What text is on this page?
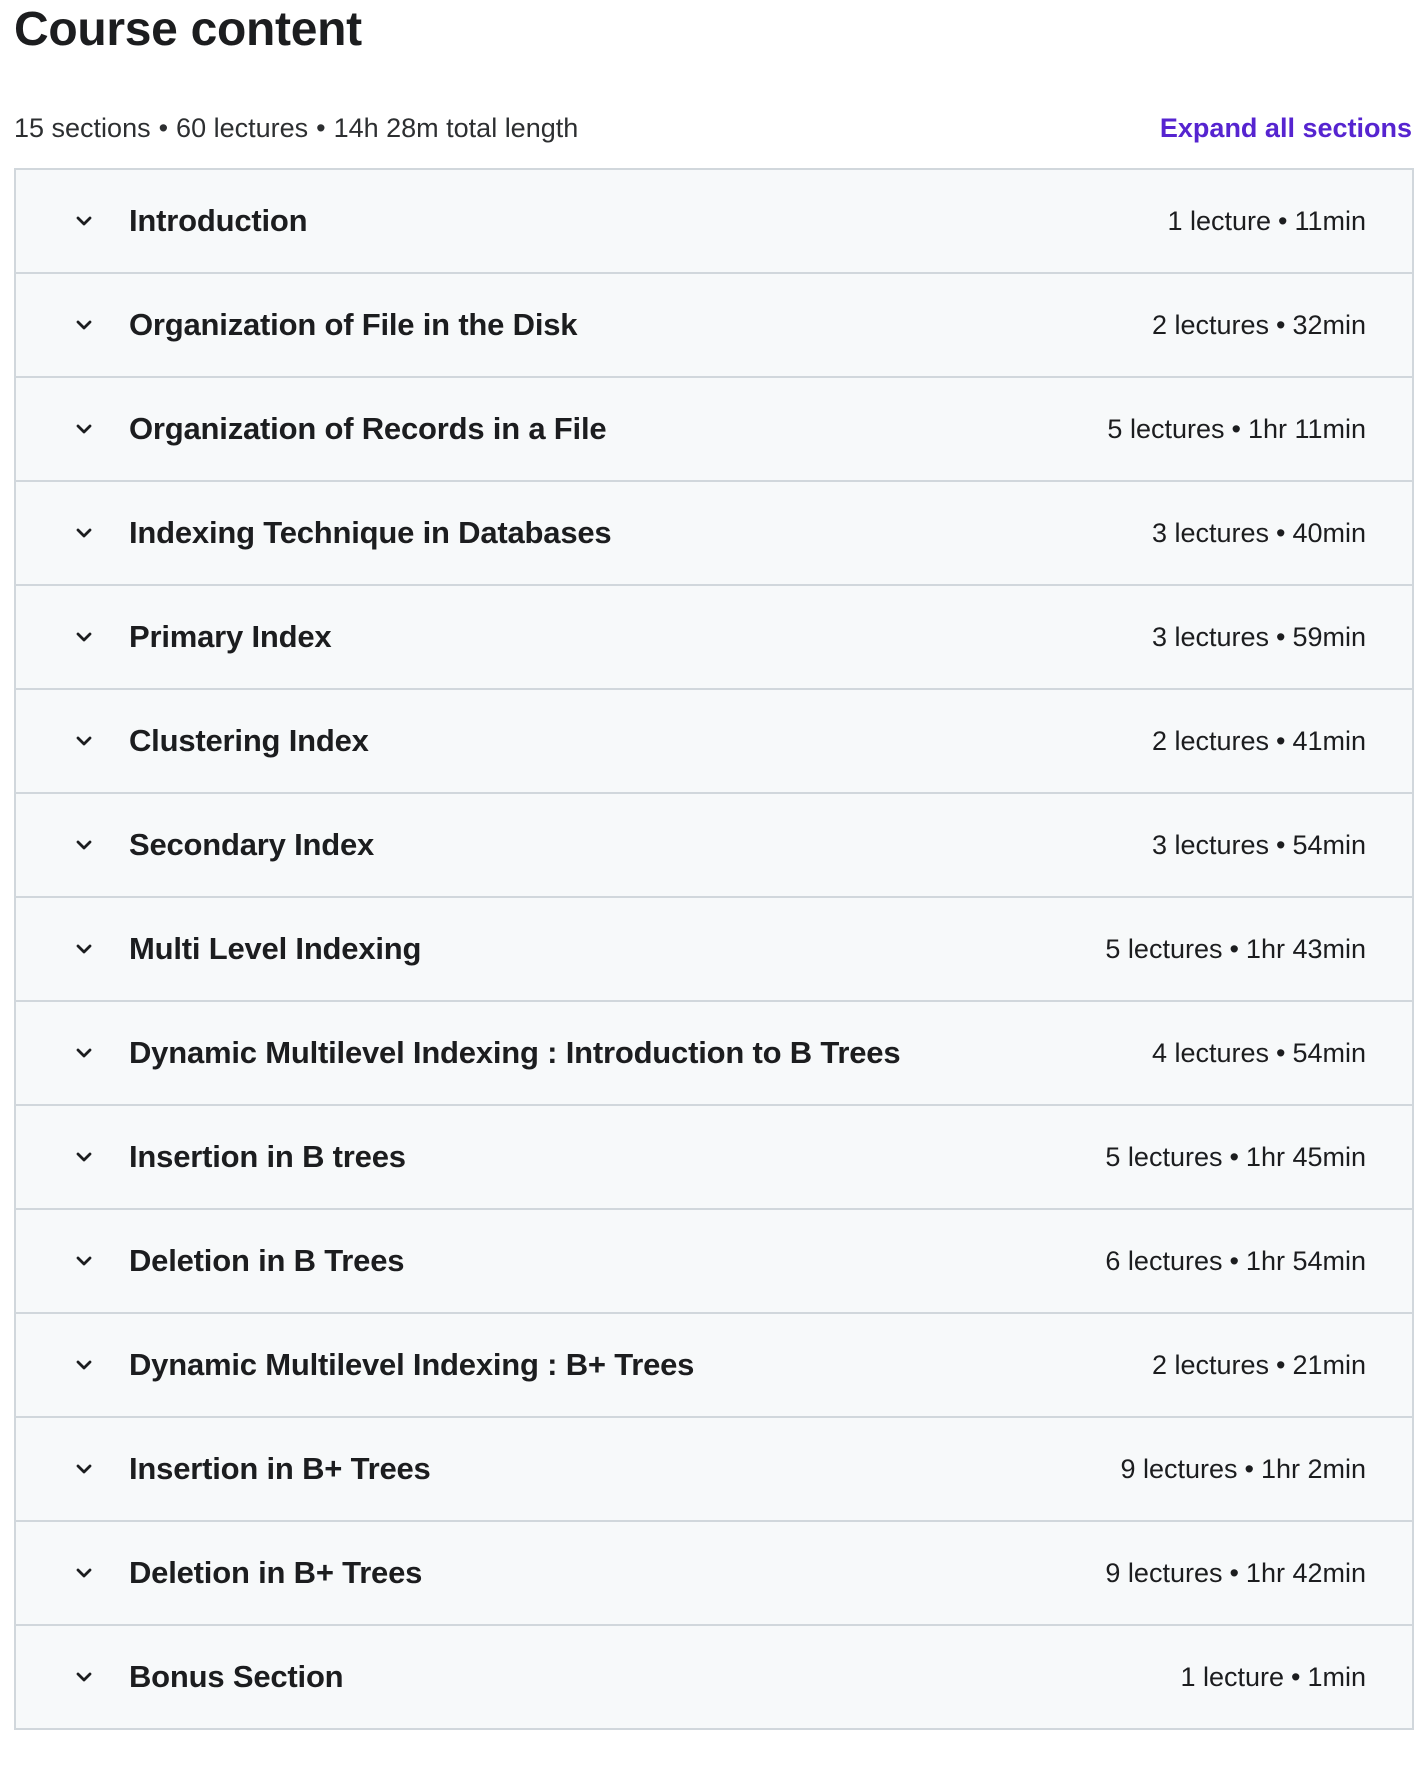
Course content
15 sections • 60 lectures • 14h 28m total length	Expand all sections
Introduction	1 lecture • 11min
Organization of File in the Disk	2 lectures • 32min
Organization of Records in a File	5 lectures • 1hr 11min
Indexing Technique in Databases	3 lectures • 40min
Primary Index	3 lectures • 59min
Clustering Index	2 lectures • 41min
Secondary Index	3 lectures • 54min
Multi Level Indexing	5 lectures • 1hr 43min
Dynamic Multilevel Indexing : Introduction to B Trees	4 lectures • 54min
Insertion in B trees	5 lectures • 1hr 45min
Deletion in B Trees	6 lectures • 1hr 54min
Dynamic Multilevel Indexing : B+ Trees	2 lectures • 21min
Insertion in B+ Trees	9 lectures • 1hr 2min
Deletion in B+ Trees	9 lectures • 1hr 42min
Bonus Section	1 lecture • 1min
